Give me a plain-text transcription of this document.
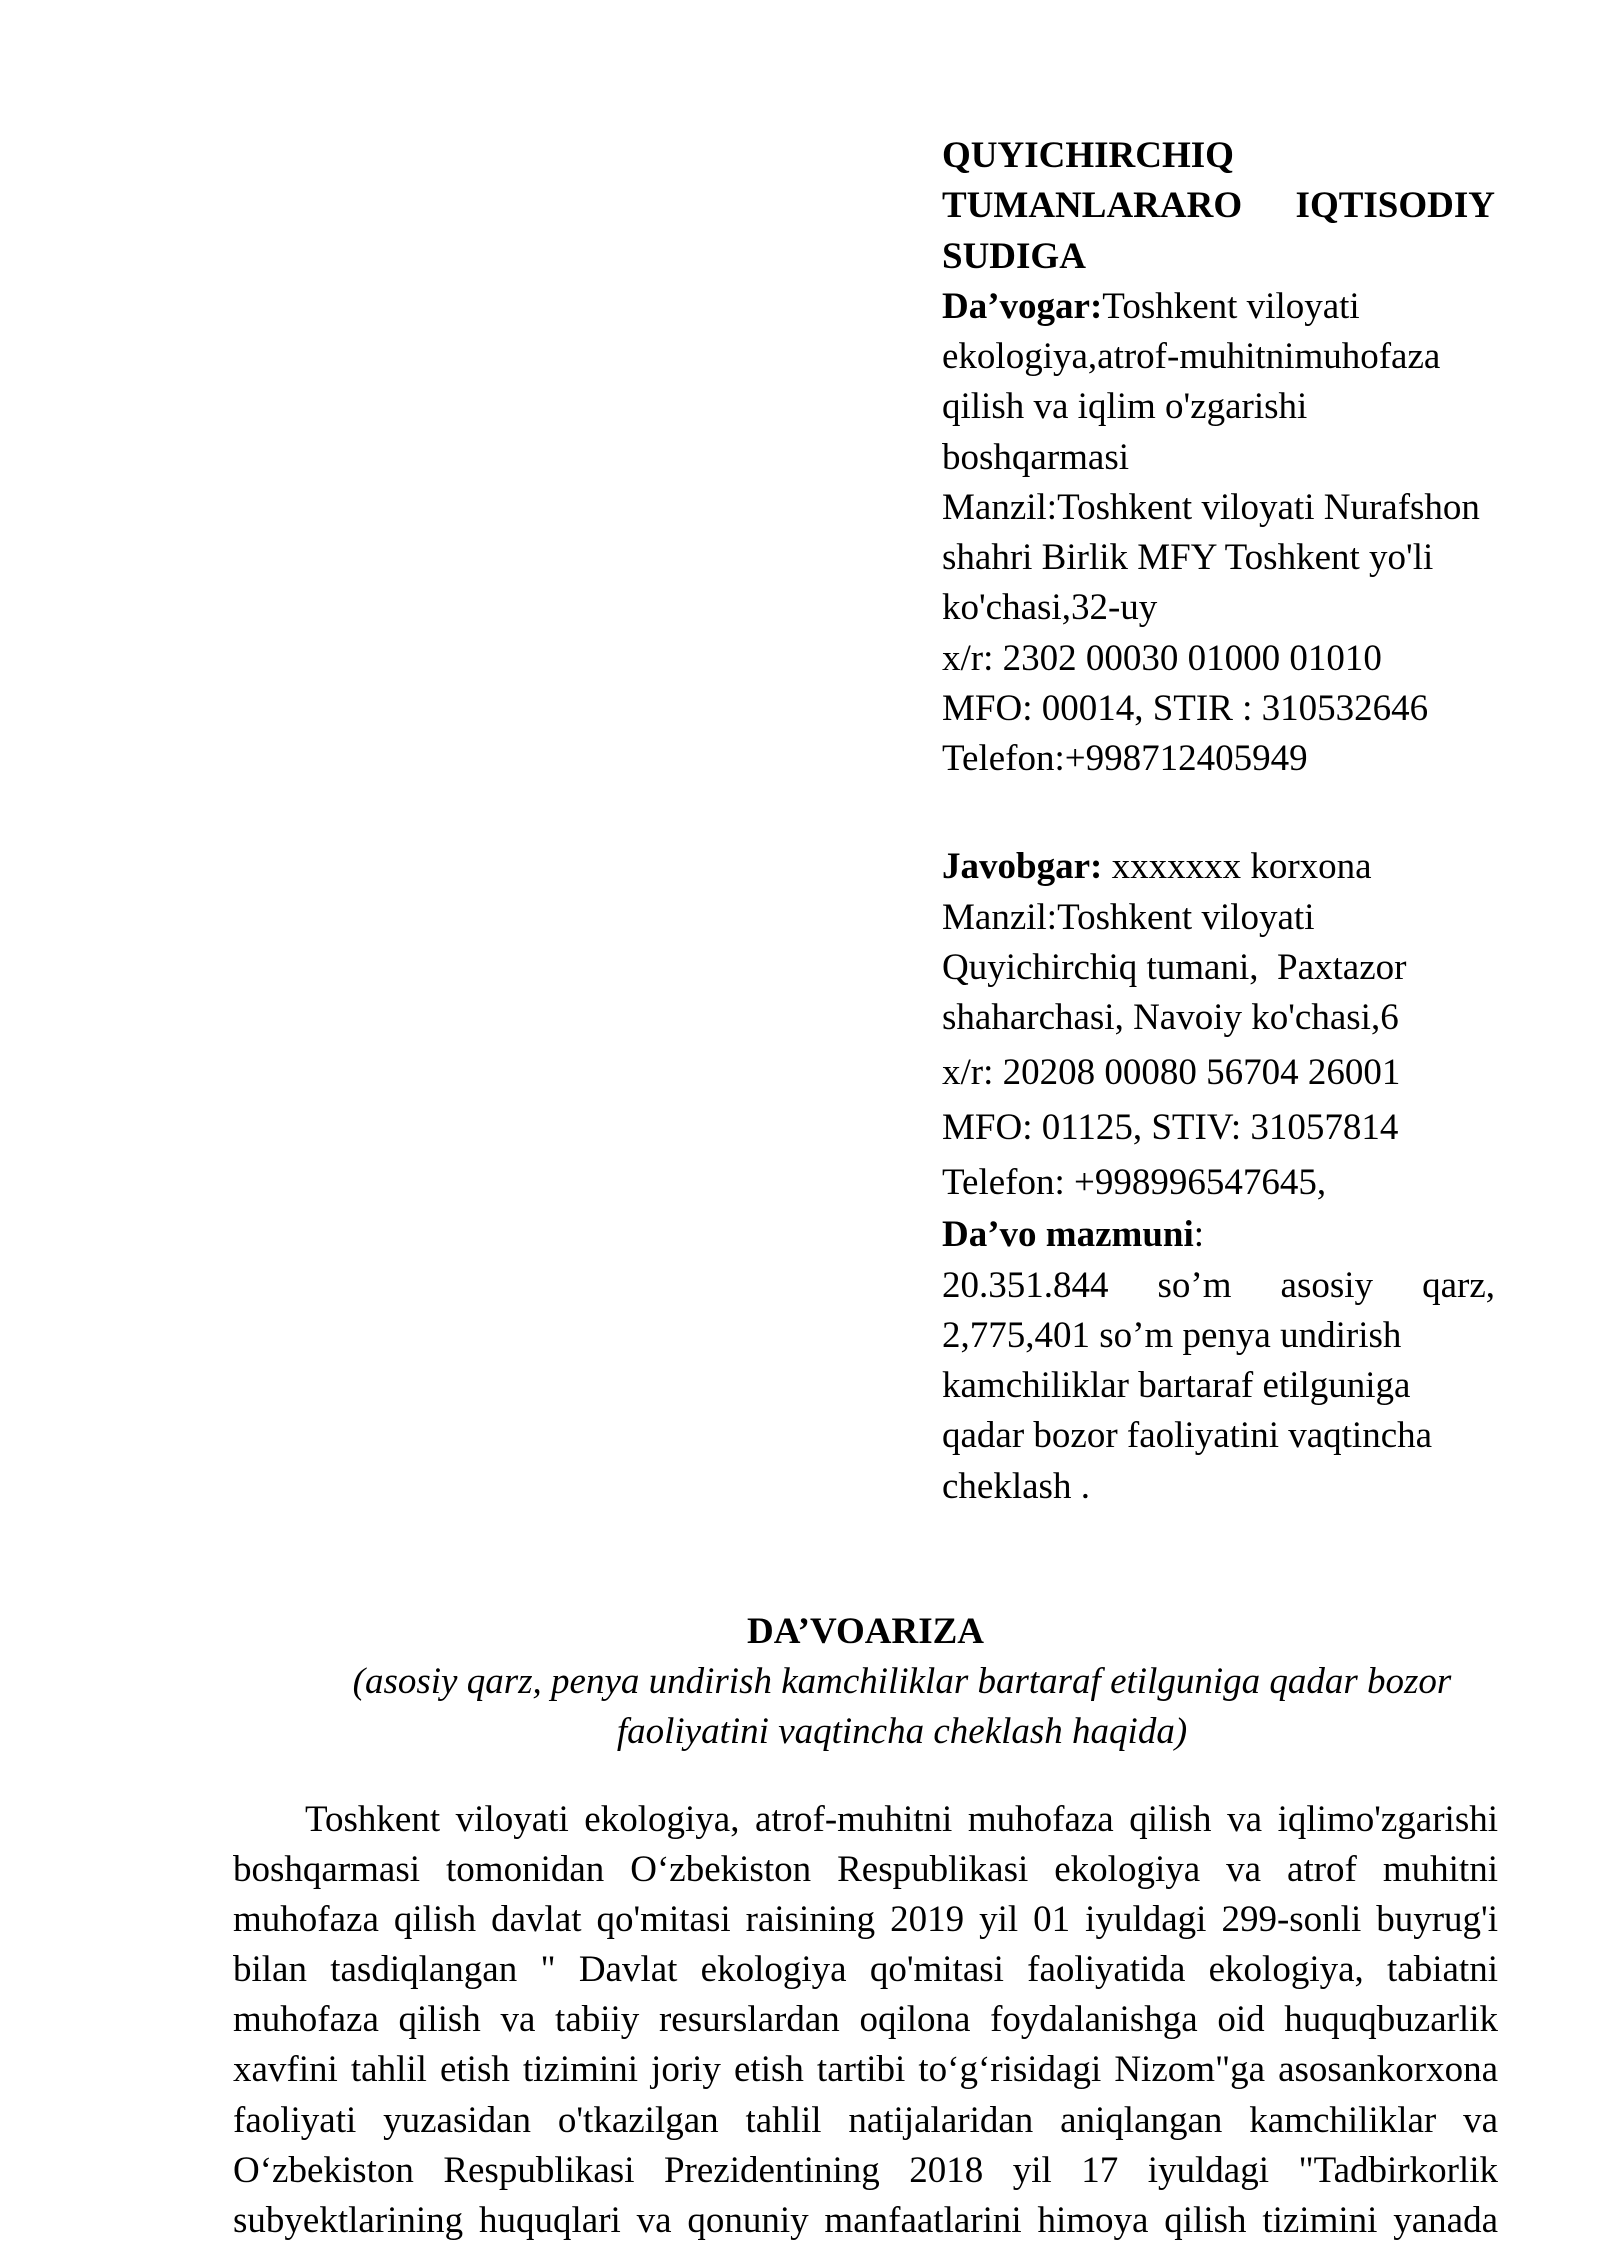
QUYICHIRCHIQ
TUMANLARARO IQTISODIY
SUDIGA
Da’vogar:Toshkent viloyati
ekologiya,atrof-muhitnimuhofaza
qilish va iqlim o'zgarishi
boshqarmasi
Manzil:Toshkent viloyati Nurafshon
shahri Birlik MFY Toshkent yo'li
ko'chasi,32-uy
x/r: 2302 00030 01000 01010
MFO: 00014, STIR : 310532646
Telefon:+998712405949
Javobgar: xxxxxxx korxona
Manzil:Toshkent viloyati
Quyichirchiq tumani,  Paxtazor
shaharchasi, Navoiy ko'chasi,6
x/r: 20208 00080 56704 26001
MFO: 01125, STIV: 31057814
Telefon: +998996547645,
Da’vo mazmuni:
20.351.844 so’m asosiy qarz,
2,775,401 so’m penya undirish
kamchiliklar bartaraf etilguniga
qadar bozor faoliyatini vaqtincha
cheklash .
DA’VOARIZA
(asosiy qarz, penya undirish kamchiliklar bartaraf etilguniga qadar bozor
faoliyatini vaqtincha cheklash haqida)
Toshkent viloyati ekologiya, atrof-muhitni muhofaza qilish va iqlimo'zgarishi
boshqarmasi tomonidan O‘zbekiston Respublikasi ekologiya va atrof muhitni
muhofaza qilish davlat qo'mitasi raisining 2019 yil 01 iyuldagi 299-sonli buyrug'i
bilan tasdiqlangan " Davlat ekologiya qo'mitasi faoliyatida ekologiya, tabiatni
muhofaza qilish va tabiiy resurslardan oqilona foydalanishga oid huquqbuzarlik
xavfini tahlil etish tizimini joriy etish tartibi to‘g‘risidagi Nizom"ga asosankorxona
faoliyati yuzasidan o'tkazilgan tahlil natijalaridan aniqlangan kamchiliklar va
O‘zbekiston Respublikasi Prezidentining 2018 yil 17 iyuldagi "Tadbirkorlik
subyektlarining huquqlari va qonuniy manfaatlarini himoya qilish tizimini yanada
